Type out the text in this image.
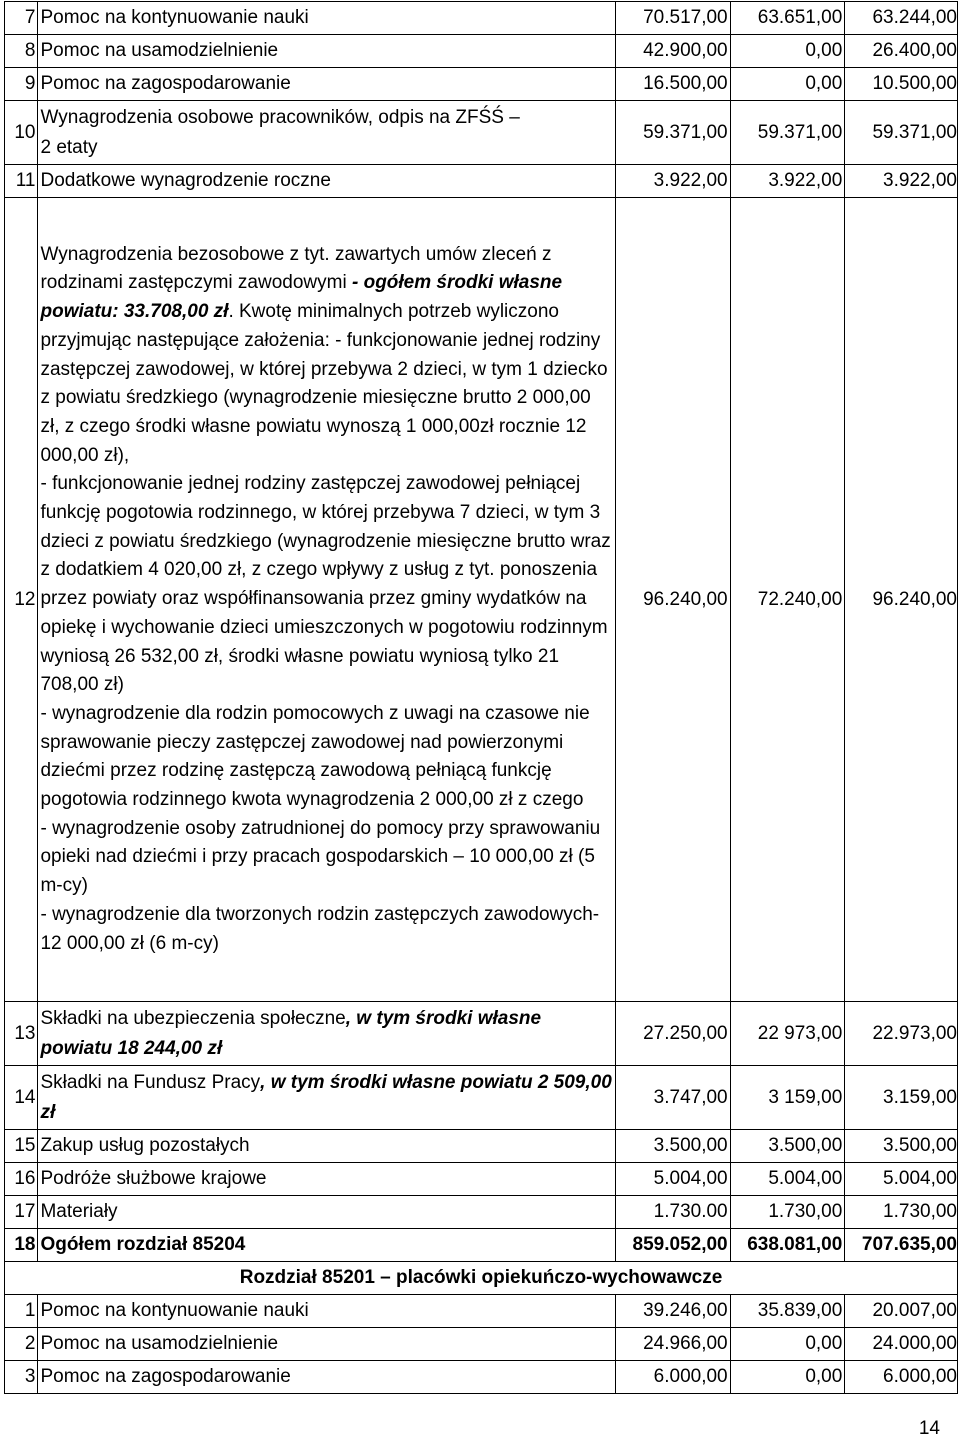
7	Pomoc na kontynuowanie nauki	70.517,00	63.651,00	63.244,00
8	Pomoc na usamodzielnienie	42.900,00	0,00	26.400,00
9	Pomoc na zagospodarowanie	16.500,00	0,00	10.500,00
10	Wynagrodzenia osobowe pracowników, odpis na ZFŚŚ –
2 etaty	59.371,00	59.371,00	59.371,00
11	Dodatkowe wynagrodzenie roczne	3.922,00	3.922,00	3.922,00
12	Wynagrodzenia bezosobowe z tyt. zawartych umów zleceń z rodzinami zastępczymi zawodowymi - ogółem środki własne powiatu: 33.708,00 zł. Kwotę minimalnych potrzeb wyliczono przyjmując następujące założenia: - funkcjonowanie jednej rodziny zastępczej zawodowej, w której przebywa 2 dzieci, w tym 1 dziecko z powiatu średzkiego (wynagrodzenie miesięczne brutto 2 000,00 zł, z czego środki własne powiatu wynoszą 1 000,00zł rocznie 12 000,00 zł),
- funkcjonowanie jednej rodziny zastępczej zawodowej pełniącej funkcję pogotowia rodzinnego, w której przebywa 7 dzieci, w tym 3 dzieci z powiatu średzkiego (wynagrodzenie miesięczne brutto wraz z dodatkiem 4 020,00 zł, z czego wpływy z usług z tyt. ponoszenia przez powiaty oraz współfinansowania przez gminy wydatków na opiekę i wychowanie dzieci umieszczonych w pogotowiu rodzinnym wyniosą 26 532,00 zł, środki własne powiatu wyniosą tylko 21 708,00 zł)
- wynagrodzenie dla rodzin pomocowych z uwagi na czasowe nie sprawowanie pieczy zastępczej zawodowej nad powierzonymi dziećmi przez rodzinę zastępczą zawodową pełniącą funkcję pogotowia rodzinnego kwota wynagrodzenia 2 000,00 zł z czego
- wynagrodzenie osoby zatrudnionej do pomocy przy sprawowaniu opieki nad dziećmi i przy pracach gospodarskich – 10 000,00 zł (5 m-cy)
- wynagrodzenie dla tworzonych rodzin zastępczych zawodowych- 12 000,00 zł (6 m-cy)	96.240,00	72.240,00	96.240,00
13	Składki na ubezpieczenia społeczne, w tym środki własne powiatu 18 244,00 zł	27.250,00	22 973,00	22.973,00
14	Składki na Fundusz Pracy, w tym środki własne powiatu 2 509,00 zł	3.747,00	3 159,00	3.159,00
15	Zakup usług pozostałych	3.500,00	3.500,00	3.500,00
16	Podróże służbowe krajowe	5.004,00	5.004,00	5.004,00
17	Materiały	1.730.00	1.730,00	1.730,00
18	Ogółem rozdział 85204	859.052,00	638.081,00	707.635,00
Rozdział 85201 – placówki opiekuńczo-wychowawcze				
1	Pomoc na kontynuowanie nauki	39.246,00	35.839,00	20.007,00
2	Pomoc na usamodzielnienie	24.966,00	0,00	24.000,00
3	Pomoc na zagospodarowanie	6.000,00	0,00	6.000,00
14
